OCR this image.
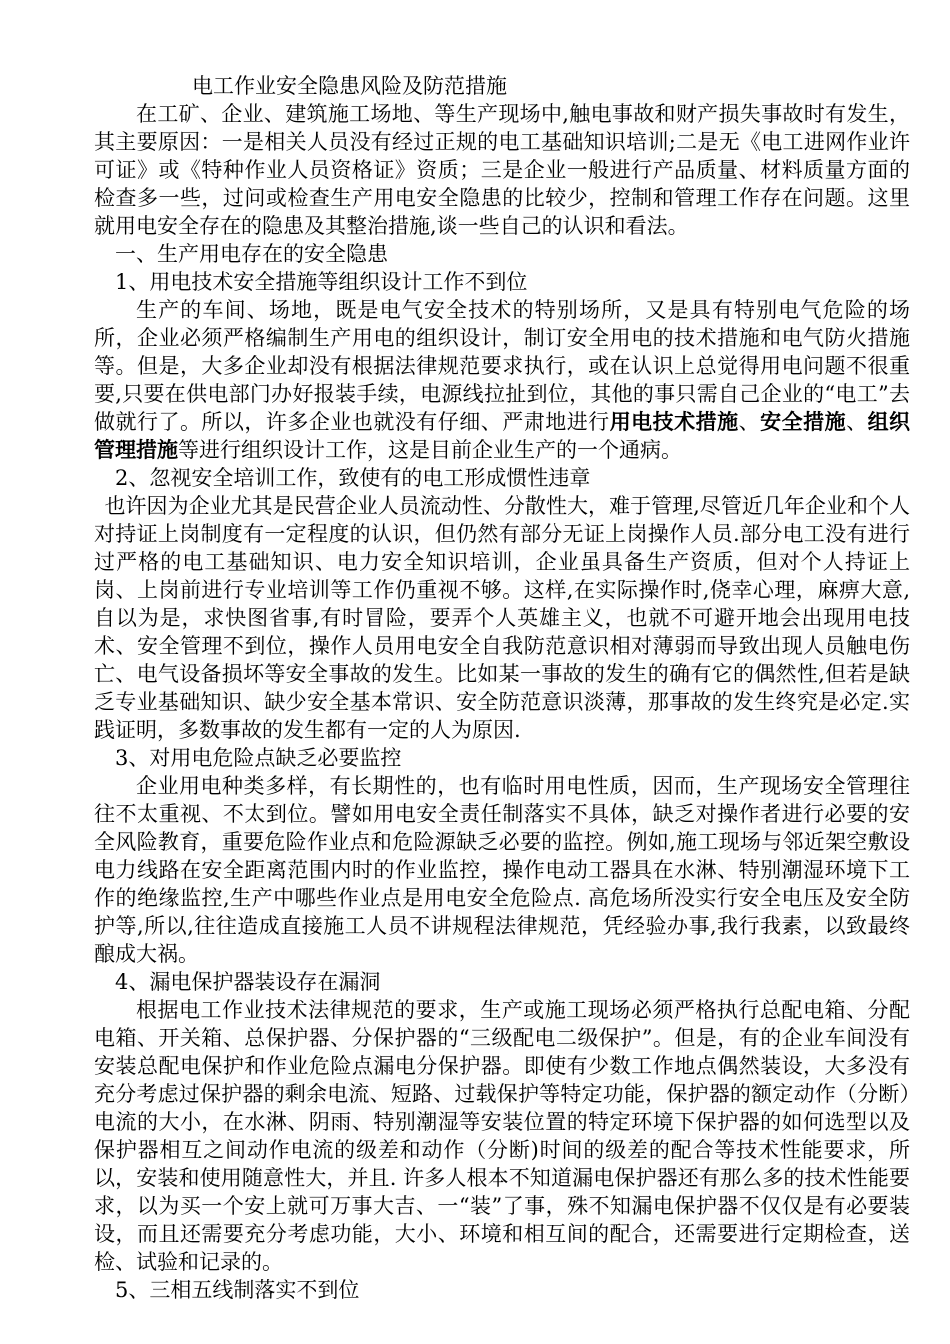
电工作业安全隐患风险及防范措施

在工矿、企业、建筑施工场地、等生产现场中,触电事故和财产损失事故时有发生，其主要原因：一是相关人员没有经过正规的电工基础知识培训;二是无《电工进网作业许可证》或《特种作业人员资格证》资质；三是企业一般进行产品质量、材料质量方面的检查多一些，过问或检查生产用电安全隐患的比较少，控制和管理工作存在问题。这里就用电安全存在的隐患及其整治措施,谈一些自己的认识和看法。

一、生产用电存在的安全隐患

1、用电技术安全措施等组织设计工作不到位

生产的车间、场地，既是电气安全技术的特别场所，又是具有特别电气危险的场所，企业必须严格编制生产用电的组织设计，制订安全用电的技术措施和电气防火措施等。但是，大多企业却没有根据法律规范要求执行，或在认识上总觉得用电问题不很重要,只要在供电部门办好报装手续，电源线拉扯到位，其他的事只需自己企业的“电工”去做就行了。所以，许多企业也就没有仔细、严肃地进行用电技术措施、安全措施、组织管理措施等进行组织设计工作，这是目前企业生产的一个通病。

2、忽视安全培训工作，致使有的电工形成惯性违章

也许因为企业尤其是民营企业人员流动性、分散性大，难于管理,尽管近几年企业和个人对持证上岗制度有一定程度的认识，但仍然有部分无证上岗操作人员.部分电工没有进行过严格的电工基础知识、电力安全知识培训，企业虽具备生产资质，但对个人持证上岗、上岗前进行专业培训等工作仍重视不够。这样,在实际操作时,侥幸心理，麻痹大意,自以为是，求快图省事,有时冒险，要弄个人英雄主义，也就不可避开地会出现用电技术、安全管理不到位，操作人员用电安全自我防范意识相对薄弱而导致出现人员触电伤亡、电气设备损坏等安全事故的发生。比如某一事故的发生的确有它的偶然性,但若是缺乏专业基础知识、缺少安全基本常识、安全防范意识淡薄，那事故的发生终究是必定.实践证明，多数事故的发生都有一定的人为原因.

3、对用电危险点缺乏必要监控

企业用电种类多样，有长期性的，也有临时用电性质，因而，生产现场安全管理往往不太重视、不太到位。譬如用电安全责任制落实不具体，缺乏对操作者进行必要的安全风险教育，重要危险作业点和危险源缺乏必要的监控。例如,施工现场与邻近架空敷设电力线路在安全距离范围内时的作业监控，操作电动工器具在水淋、特别潮湿环境下工作的绝缘监控,生产中哪些作业点是用电安全危险点. 高危场所没实行安全电压及安全防护等,所以,往往造成直接施工人员不讲规程法律规范，凭经验办事,我行我素，以致最终酿成大祸。

4、漏电保护器装设存在漏洞

根据电工作业技术法律规范的要求，生产或施工现场必须严格执行总配电箱、分配电箱、开关箱、总保护器、分保护器的“三级配电二级保护”。但是，有的企业车间没有安装总配电保护和作业危险点漏电分保护器。即使有少数工作地点偶然装设，大多没有充分考虑过保护器的剩余电流、短路、过载保护等特定功能，保护器的额定动作（分断）电流的大小，在水淋、阴雨、特别潮湿等安装位置的特定环境下保护器的如何选型以及保护器相互之间动作电流的级差和动作（分断)时间的级差的配合等技术性能要求，所以，安装和使用随意性大，并且. 许多人根本不知道漏电保护器还有那么多的技术性能要求，以为买一个安上就可万事大吉、一“装”了事，殊不知漏电保护器不仅仅是有必要装设，而且还需要充分考虑功能，大小、环境和相互间的配合，还需要进行定期检查，送检、试验和记录的。

5、三相五线制落实不到位
